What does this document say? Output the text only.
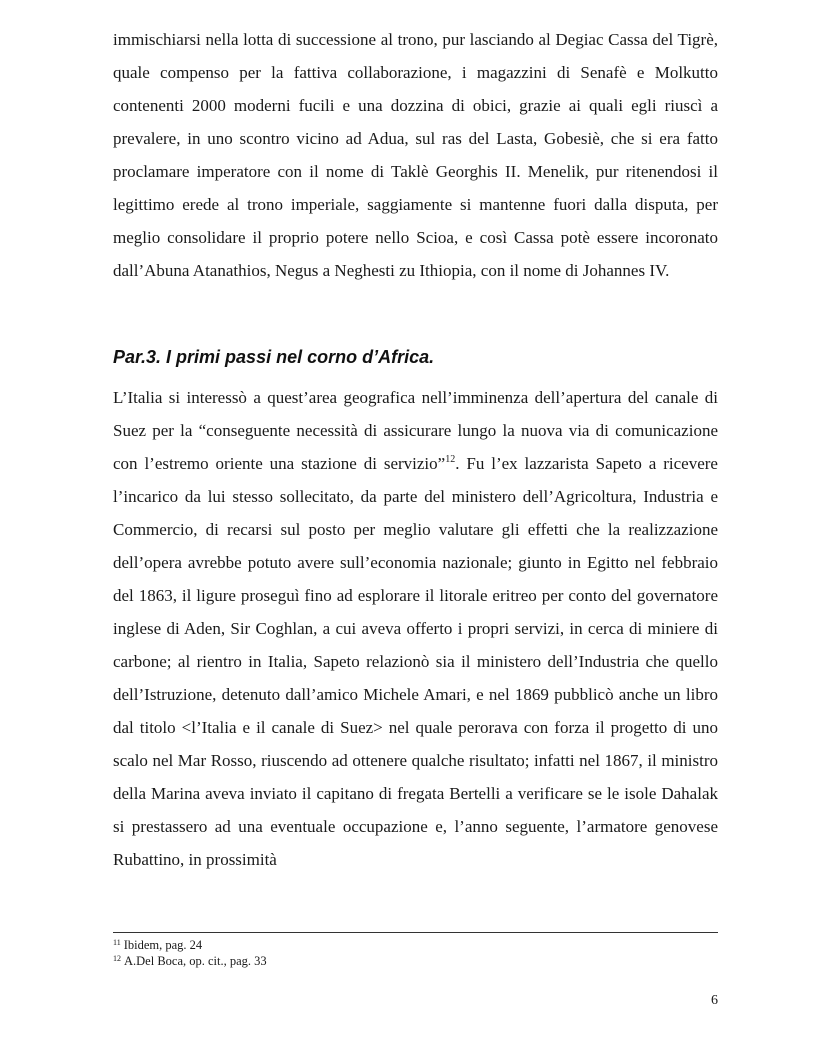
immischiarsi nella lotta di successione al trono, pur lasciando al Degiac Cassa del Tigrè, quale compenso per la fattiva collaborazione, i magazzini di Senafè e Molkutto contenenti 2000 moderni fucili e una dozzina di obici, grazie ai quali egli riuscì a prevalere, in uno scontro vicino ad Adua, sul ras del Lasta, Gobesiè, che si era fatto proclamare imperatore con il nome di Taklè Georghis II. Menelik, pur ritenendosi il legittimo erede al trono imperiale, saggiamente si mantenne fuori dalla disputa, per meglio consolidare il proprio potere nello Scioa, e così Cassa potè essere incoronato dall’Abuna Atanathios, Negus a Neghesti zu Ithiopia, con il nome di Johannes IV.

Par.3. I primi passi nel corno d’Africa.

L’Italia si interessò a quest’area geografica nell’imminenza dell’apertura del canale di Suez per la “conseguente necessità di assicurare lungo la nuova via di comunicazione con l’estremo oriente una stazione di servizio”$^{12}$. Fu l’ex lazzarista Sapeto a ricevere l’incarico da lui stesso sollecitato, da parte del ministero dell’Agricoltura, Industria e Commercio, di recarsi sul posto per meglio valutare gli effetti che la realizzazione dell’opera avrebbe potuto avere sull’economia nazionale; giunto in Egitto nel febbraio del 1863, il ligure proseguì fino ad esplorare il litorale eritreo per conto del governatore inglese di Aden, Sir Coghlan, a cui aveva offerto i propri servizi, in cerca di miniere di carbone; al rientro in Italia, Sapeto relazionò sia il ministero dell’Industria che quello dell’Istruzione, detenuto dall’amico Michele Amari, e nel 1869 pubblicò anche un libro dal titolo <l’Italia e il canale di Suez> nel quale perorava con forza il progetto di uno scalo nel Mar Rosso, riuscendo ad ottenere qualche risultato; infatti nel 1867, il ministro della Marina aveva inviato il capitano di fregata Bertelli a verificare se le isole Dahalak si prestassero ad una eventuale occupazione e, l’anno seguente, l’armatore genovese Rubattino, in prossimità

$^{11}$ Ibidem, pag. 24
$^{12}$ A.Del Boca, op. cit., pag. 33
6
